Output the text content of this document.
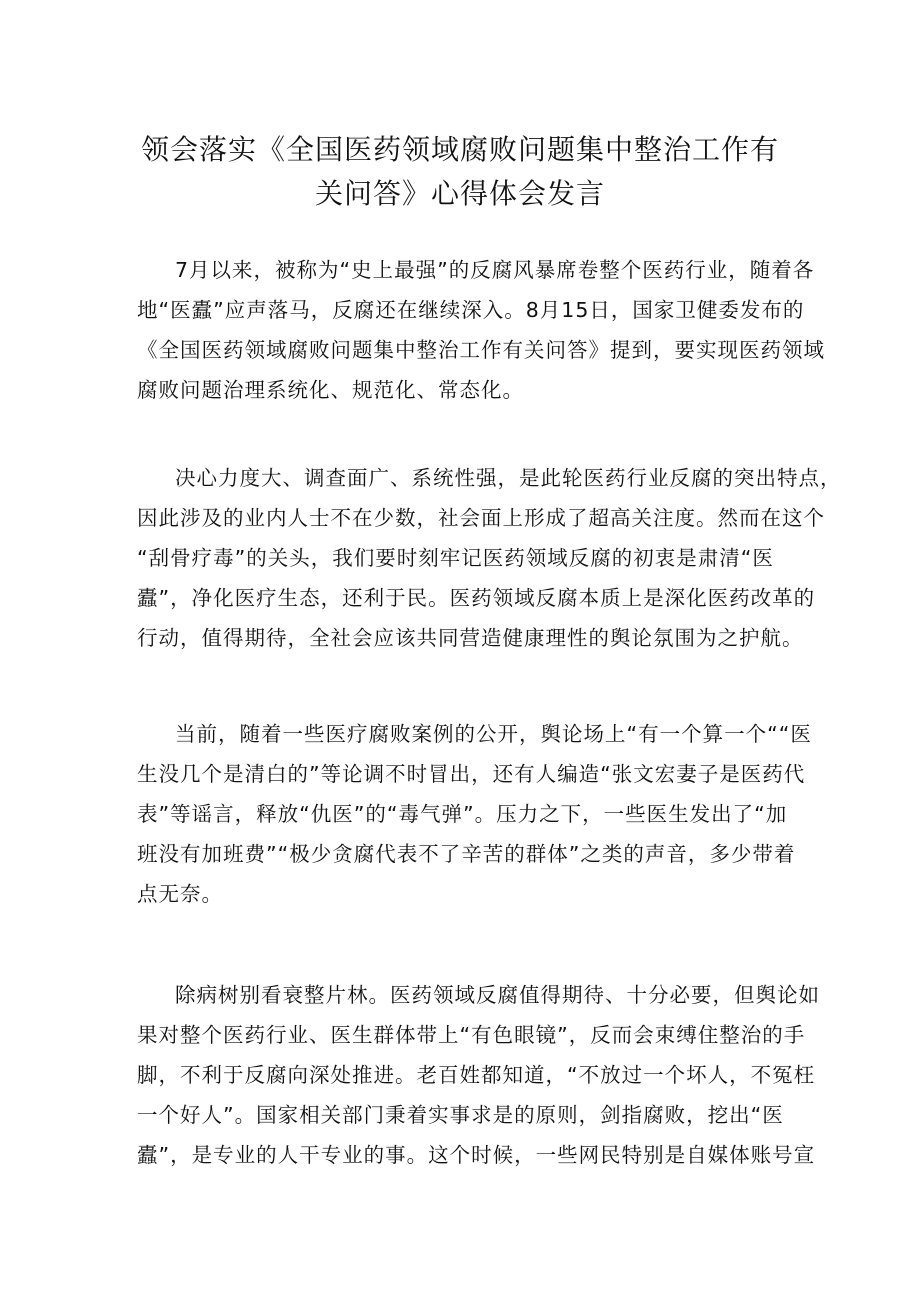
领会落实《全国医药领域腐败问题集中整治工作有
关问答》心得体会发言
7月以来，被称为“史上最强”的反腐风暴席卷整个医药行业，随着各
地“医蠹”应声落马，反腐还在继续深入。8月15日，国家卫健委发布的
《全国医药领域腐败问题集中整治工作有关问答》提到，要实现医药领域
腐败问题治理系统化、规范化、常态化。
决心力度大、调查面广、系统性强，是此轮医药行业反腐的突出特点，
因此涉及的业内人士不在少数，社会面上形成了超高关注度。然而在这个
“刮骨疗毒”的关头，我们要时刻牢记医药领域反腐的初衷是肃清“医
蠹”，净化医疗生态，还利于民。医药领域反腐本质上是深化医药改革的
行动，值得期待，全社会应该共同营造健康理性的舆论氛围为之护航。
当前，随着一些医疗腐败案例的公开，舆论场上“有一个算一个““医
生没几个是清白的”等论调不时冒出，还有人编造“张文宏妻子是医药代
表”等谣言，释放“仇医”的“毒气弹”。压力之下，一些医生发出了“加
班没有加班费”“极少贪腐代表不了辛苦的群体”之类的声音，多少带着
点无奈。
除病树别看衰整片林。医药领域反腐值得期待、十分必要，但舆论如
果对整个医药行业、医生群体带上“有色眼镜”，反而会束缚住整治的手
脚，不利于反腐向深处推进。老百姓都知道，“不放过一个坏人，不冤枉
一个好人”。国家相关部门秉着实事求是的原则，剑指腐败，挖出“医
蠹”，是专业的人干专业的事。这个时候，一些网民特别是自媒体账号宣
